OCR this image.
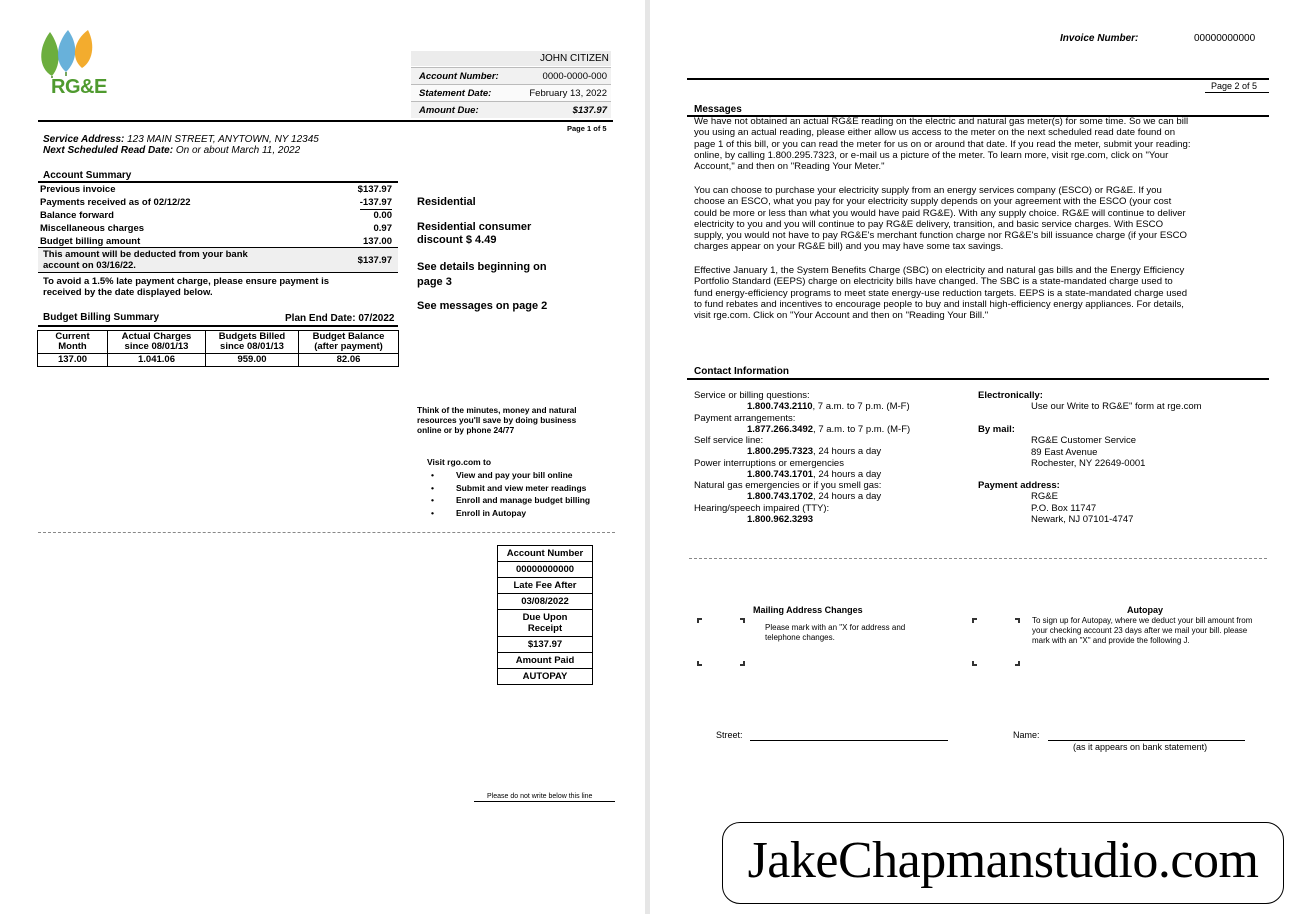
RG&E
JOHN CITIZEN
Account Number:	0000-0000-000
Statement Date:	February 13, 2022
Amount Due:	$137.97
Page 1 of 5
Service Address: 123 MAIN STREET, ANYTOWN, NY 12345
Next Scheduled Read Date: On or about March 11, 2022
Account Summary
Previous invoice	$137.97
Payments received as of 02/12/22	-137.97
Balance forward	0.00
Miscellaneous charges	0.97
Budget billing amount	137.00
This amount will be deducted from your bank account on 03/16/22.	$137.97
To avoid a 1.5% late payment charge, please ensure payment is received by the date displayed below.
Budget Billing Summary	Plan End Date: 07/2022
Current Month	Actual Charges since 08/01/13	Budgets Billed since 08/01/13	Budget Balance (after payment)
137.00	1.041.06	959.00	82.06
Residential
Residential consumer discount $ 4.49
See details beginning on page 3
See messages on page 2
Think of the minutes, money and natural resources you'll save by doing business online or by phone 24/77
Visit rgo.com to
View and pay your bill online
Submit and view meter readings
Enroll and manage budget billing
Enroll in Autopay
Account Number
00000000000
Late Fee After
03/08/2022
Due Upon Receipt
$137.97
Amount Paid
AUTOPAY
Please do not write below this line
Invoice Number:	00000000000
Page 2 of 5
Messages
We have not obtained an actual RG&E reading on the electric and natural gas meter(s) for some time. So we can bill you using an actual reading, please either allow us access to the meter on the next scheduled read date found on page 1 of this bill, or you can read the meter for us on or around that date. If you read the meter, submit your reading: online, by calling 1.800.295.7323, or e-mail us a picture of the meter. To learn more, visit rge.com, click on "Your Account," and then on "Reading Your Meter."
You can choose to purchase your electricity supply from an energy services company (ESCO) or RG&E. If you choose an ESCO, what you pay for your electricity supply depends on your agreement with the ESCO (your cost could be more or less than what you would have paid RG&E). With any supply choice. RG&E will continue to deliver electricity to you and you will continue to pay RG&E delivery, transition, and basic service charges. With ESCO supply, you would not have to pay RG&E's merchant function charge nor RG&E's bill issuance charge (if your ESCO charges appear on your RG&E bill) and you may have some tax savings.
Effective January 1, the System Benefits Charge (SBC) on electricity and natural gas bills and the Energy Efficiency Portfolio Standard (EEPS) charge on electricity bills have changed. The SBC is a state-mandated charge used to fund energy-efficiency programs to meet state energy-use reduction targets. EEPS is a state-mandated charge used to fund rebates and incentives to encourage people to buy and install high-efficiency energy appliances. For details, visit rge.com. Click on "Your Account and then on "Reading Your Bill."
Contact Information
Service or billing questions:
1.800.743.2110, 7 a.m. to 7 p.m. (M-F)
Payment arrangements:
1.877.266.3492, 7 a.m. to 7 p.m. (M-F)
Self service line:
1.800.295.7323, 24 hours a day
Power interruptions or emergencies
1.800.743.1701, 24 hours a day
Natural gas emergencies or if you smell gas:
1.800.743.1702, 24 hours a day
Hearing/speech impaired (TTY):
1.800.962.3293
Electronically:
Use our Write to RG&E" form at rge.com
By mail:
RG&E Customer Service
89 East Avenue
Rochester, NY 22649-0001
Payment address:
RG&E
P.O. Box 11747
Newark, NJ 07101-4747
Mailing Address Changes
Please mark with an "X for address and telephone changes.
Autopay
To sign up for Autopay, where we deduct your bill amount from your checking account 23 days after we mail your bill. please mark with an "X" and provide the following J.
Street:	Name:
(as it appears on bank statement)
JakeChapmanstudio.com
